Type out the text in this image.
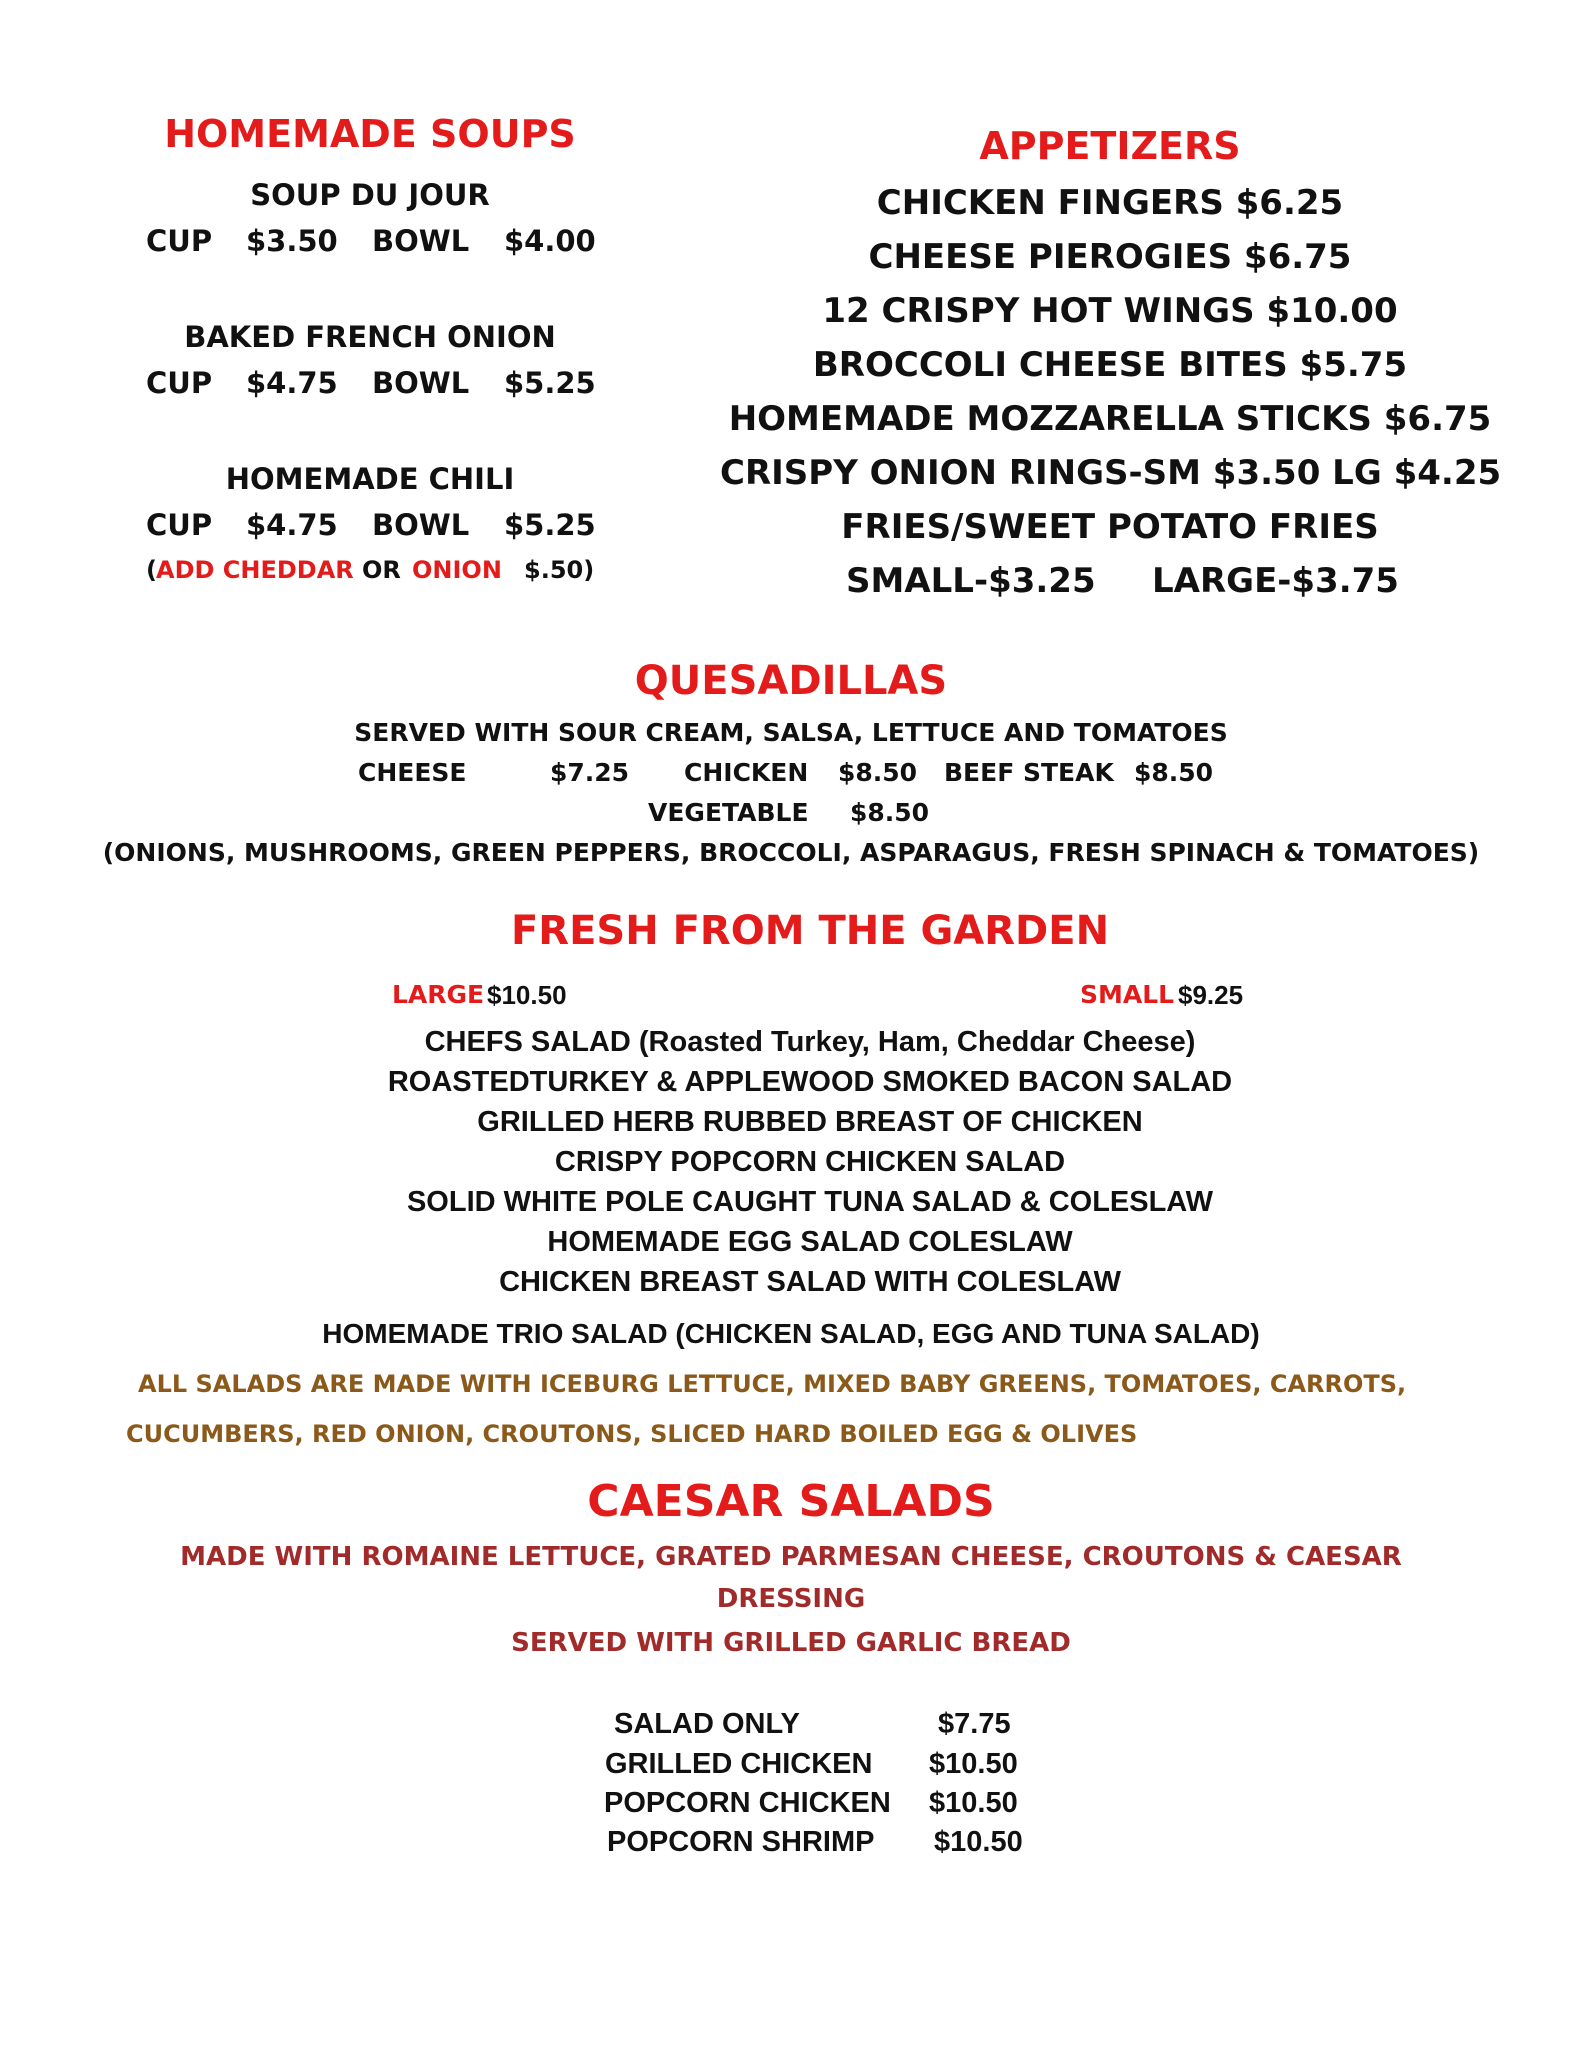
HOMEMADE SOUPS
SOUP DU JOUR
CUP $3.50 BOWL $4.00
BAKED FRENCH ONION
CUP $4.75 BOWL $5.25
HOMEMADE CHILI
CUP $4.75 BOWL $5.25
( ADD CHEDDAR OR ONION $.50)
APPETIZERS
CHICKEN FINGERS $6.25
CHEESE PIEROGIES $6.75
12 CRISPY HOT WINGS $10.00
BROCCOLI CHEESE BITES $5.75
HOMEMADE MOZZARELLA STICKS $6.75
CRISPY ONION RINGS-SM $3.50 LG $4.25
FRIES/SWEET POTATO FRIES
SMALL-$3.25 LARGE-$3.75
QUESADILLAS
SERVED WITH SOUR CREAM, SALSA, LETTUCE AND TOMATOES
CHEESE	$7.25 CHICKEN $8.50 BEEF STEAK $8.50
VEGETABLE $8.50
(ONIONS, MUSHROOMS, GREEN PEPPERS, BROCCOLI, ASPARAGUS, FRESH SPINACH & TOMATOES)
FRESH FROM THE GARDEN
LARGE $10.50	SMALL $9.25
CHEFS SALAD (Roasted Turkey, Ham, Cheddar Cheese)
ROASTEDTURKEY & APPLEWOOD SMOKED BACON SALAD
GRILLED HERB RUBBED BREAST OF CHICKEN
CRISPY POPCORN CHICKEN SALAD
SOLID WHITE POLE CAUGHT TUNA SALAD & COLESLAW
HOMEMADE EGG SALAD COLESLAW
CHICKEN BREAST SALAD WITH COLESLAW
HOMEMADE TRIO SALAD (CHICKEN SALAD, EGG AND TUNA SALAD)
ALL SALADS ARE MADE WITH ICEBURG LETTUCE, MIXED BABY GREENS, TOMATOES, CARROTS,
CUCUMBERS, RED ONION, CROUTONS, SLICED HARD BOILED EGG & OLIVES
CAESAR SALADS
MADE WITH ROMAINE LETTUCE, GRATED PARMESAN CHEESE, CROUTONS & CAESAR
DRESSING
SERVED WITH GRILLED GARLIC BREAD
SALAD ONLY	$7.75
GRILLED CHICKEN $10.50
POPCORN CHICKEN $10.50
POPCORN SHRIMP $10.50
